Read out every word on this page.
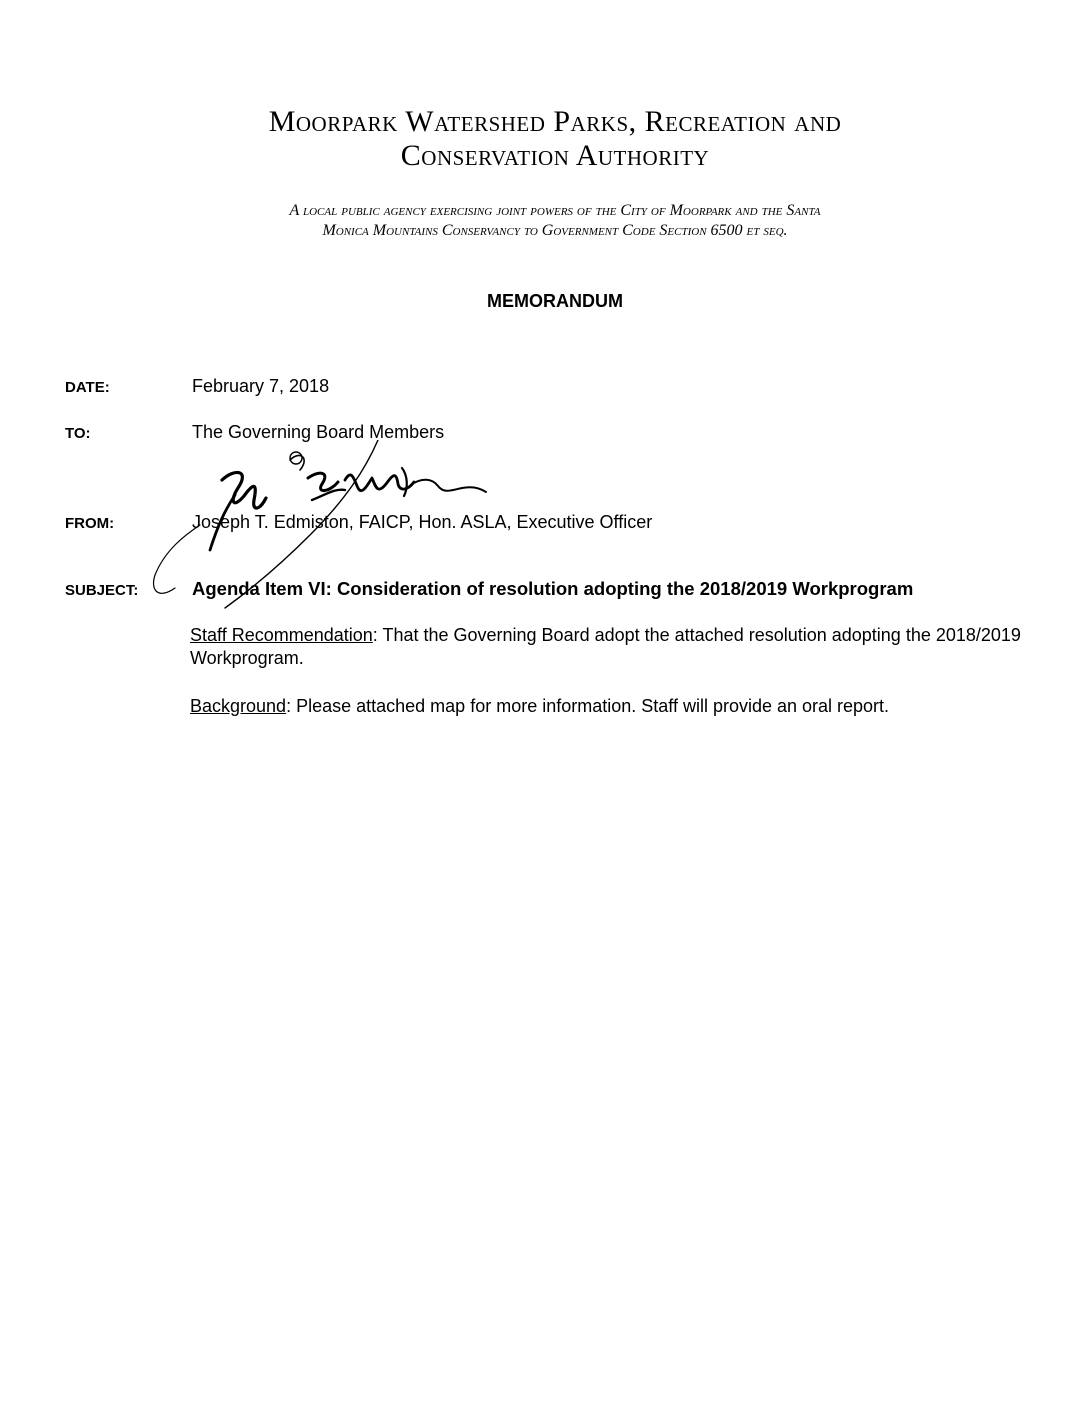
Moorpark Watershed Parks, Recreation and
Conservation Authority
A local public agency exercising joint powers of the City of Moorpark and the Santa
Monica Mountains Conservancy to Government Code Section 6500 et seq.
MEMORANDUM
DATE:	February 7, 2018
TO:	The Governing Board Members
FROM:	Joseph T. Edmiston, FAICP, Hon. ASLA, Executive Officer
SUBJECT:	Agenda Item VI: Consideration of resolution adopting the 2018/2019 Workprogram
Staff Recommendation: That the Governing Board adopt the attached resolution adopting the 2018/2019 Workprogram.
Background: Please attached map for more information. Staff will provide an oral report.
